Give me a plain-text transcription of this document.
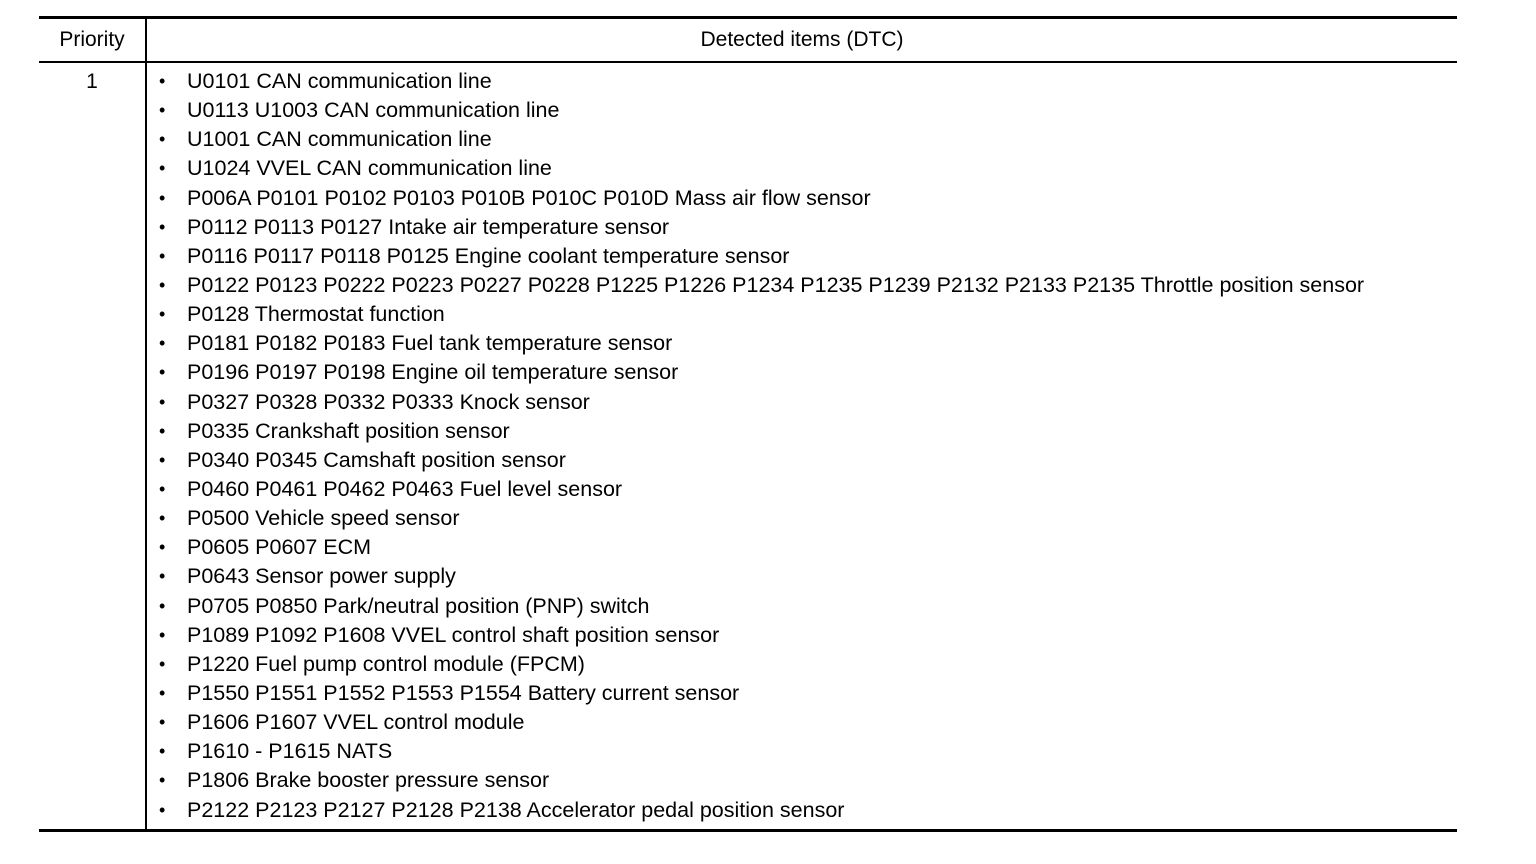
Priority	Detected items (DTC)
1	• U0101 CAN communication line
• U0113 U1003 CAN communication line
• U1001 CAN communication line
• U1024 VVEL CAN communication line
• P006A P0101 P0102 P0103 P010B P010C P010D Mass air flow sensor
• P0112 P0113 P0127 Intake air temperature sensor
• P0116 P0117 P0118 P0125 Engine coolant temperature sensor
• P0122 P0123 P0222 P0223 P0227 P0228 P1225 P1226 P1234 P1235 P1239 P2132 P2133 P2135 Throttle position sensor
• P0128 Thermostat function
• P0181 P0182 P0183 Fuel tank temperature sensor
• P0196 P0197 P0198 Engine oil temperature sensor
• P0327 P0328 P0332 P0333 Knock sensor
• P0335 Crankshaft position sensor
• P0340 P0345 Camshaft position sensor
• P0460 P0461 P0462 P0463 Fuel level sensor
• P0500 Vehicle speed sensor
• P0605 P0607 ECM
• P0643 Sensor power supply
• P0705 P0850 Park/neutral position (PNP) switch
• P1089 P1092 P1608 VVEL control shaft position sensor
• P1220 Fuel pump control module (FPCM)
• P1550 P1551 P1552 P1553 P1554 Battery current sensor
• P1606 P1607 VVEL control module
• P1610 - P1615 NATS
• P1806 Brake booster pressure sensor
• P2122 P2123 P2127 P2128 P2138 Accelerator pedal position sensor
